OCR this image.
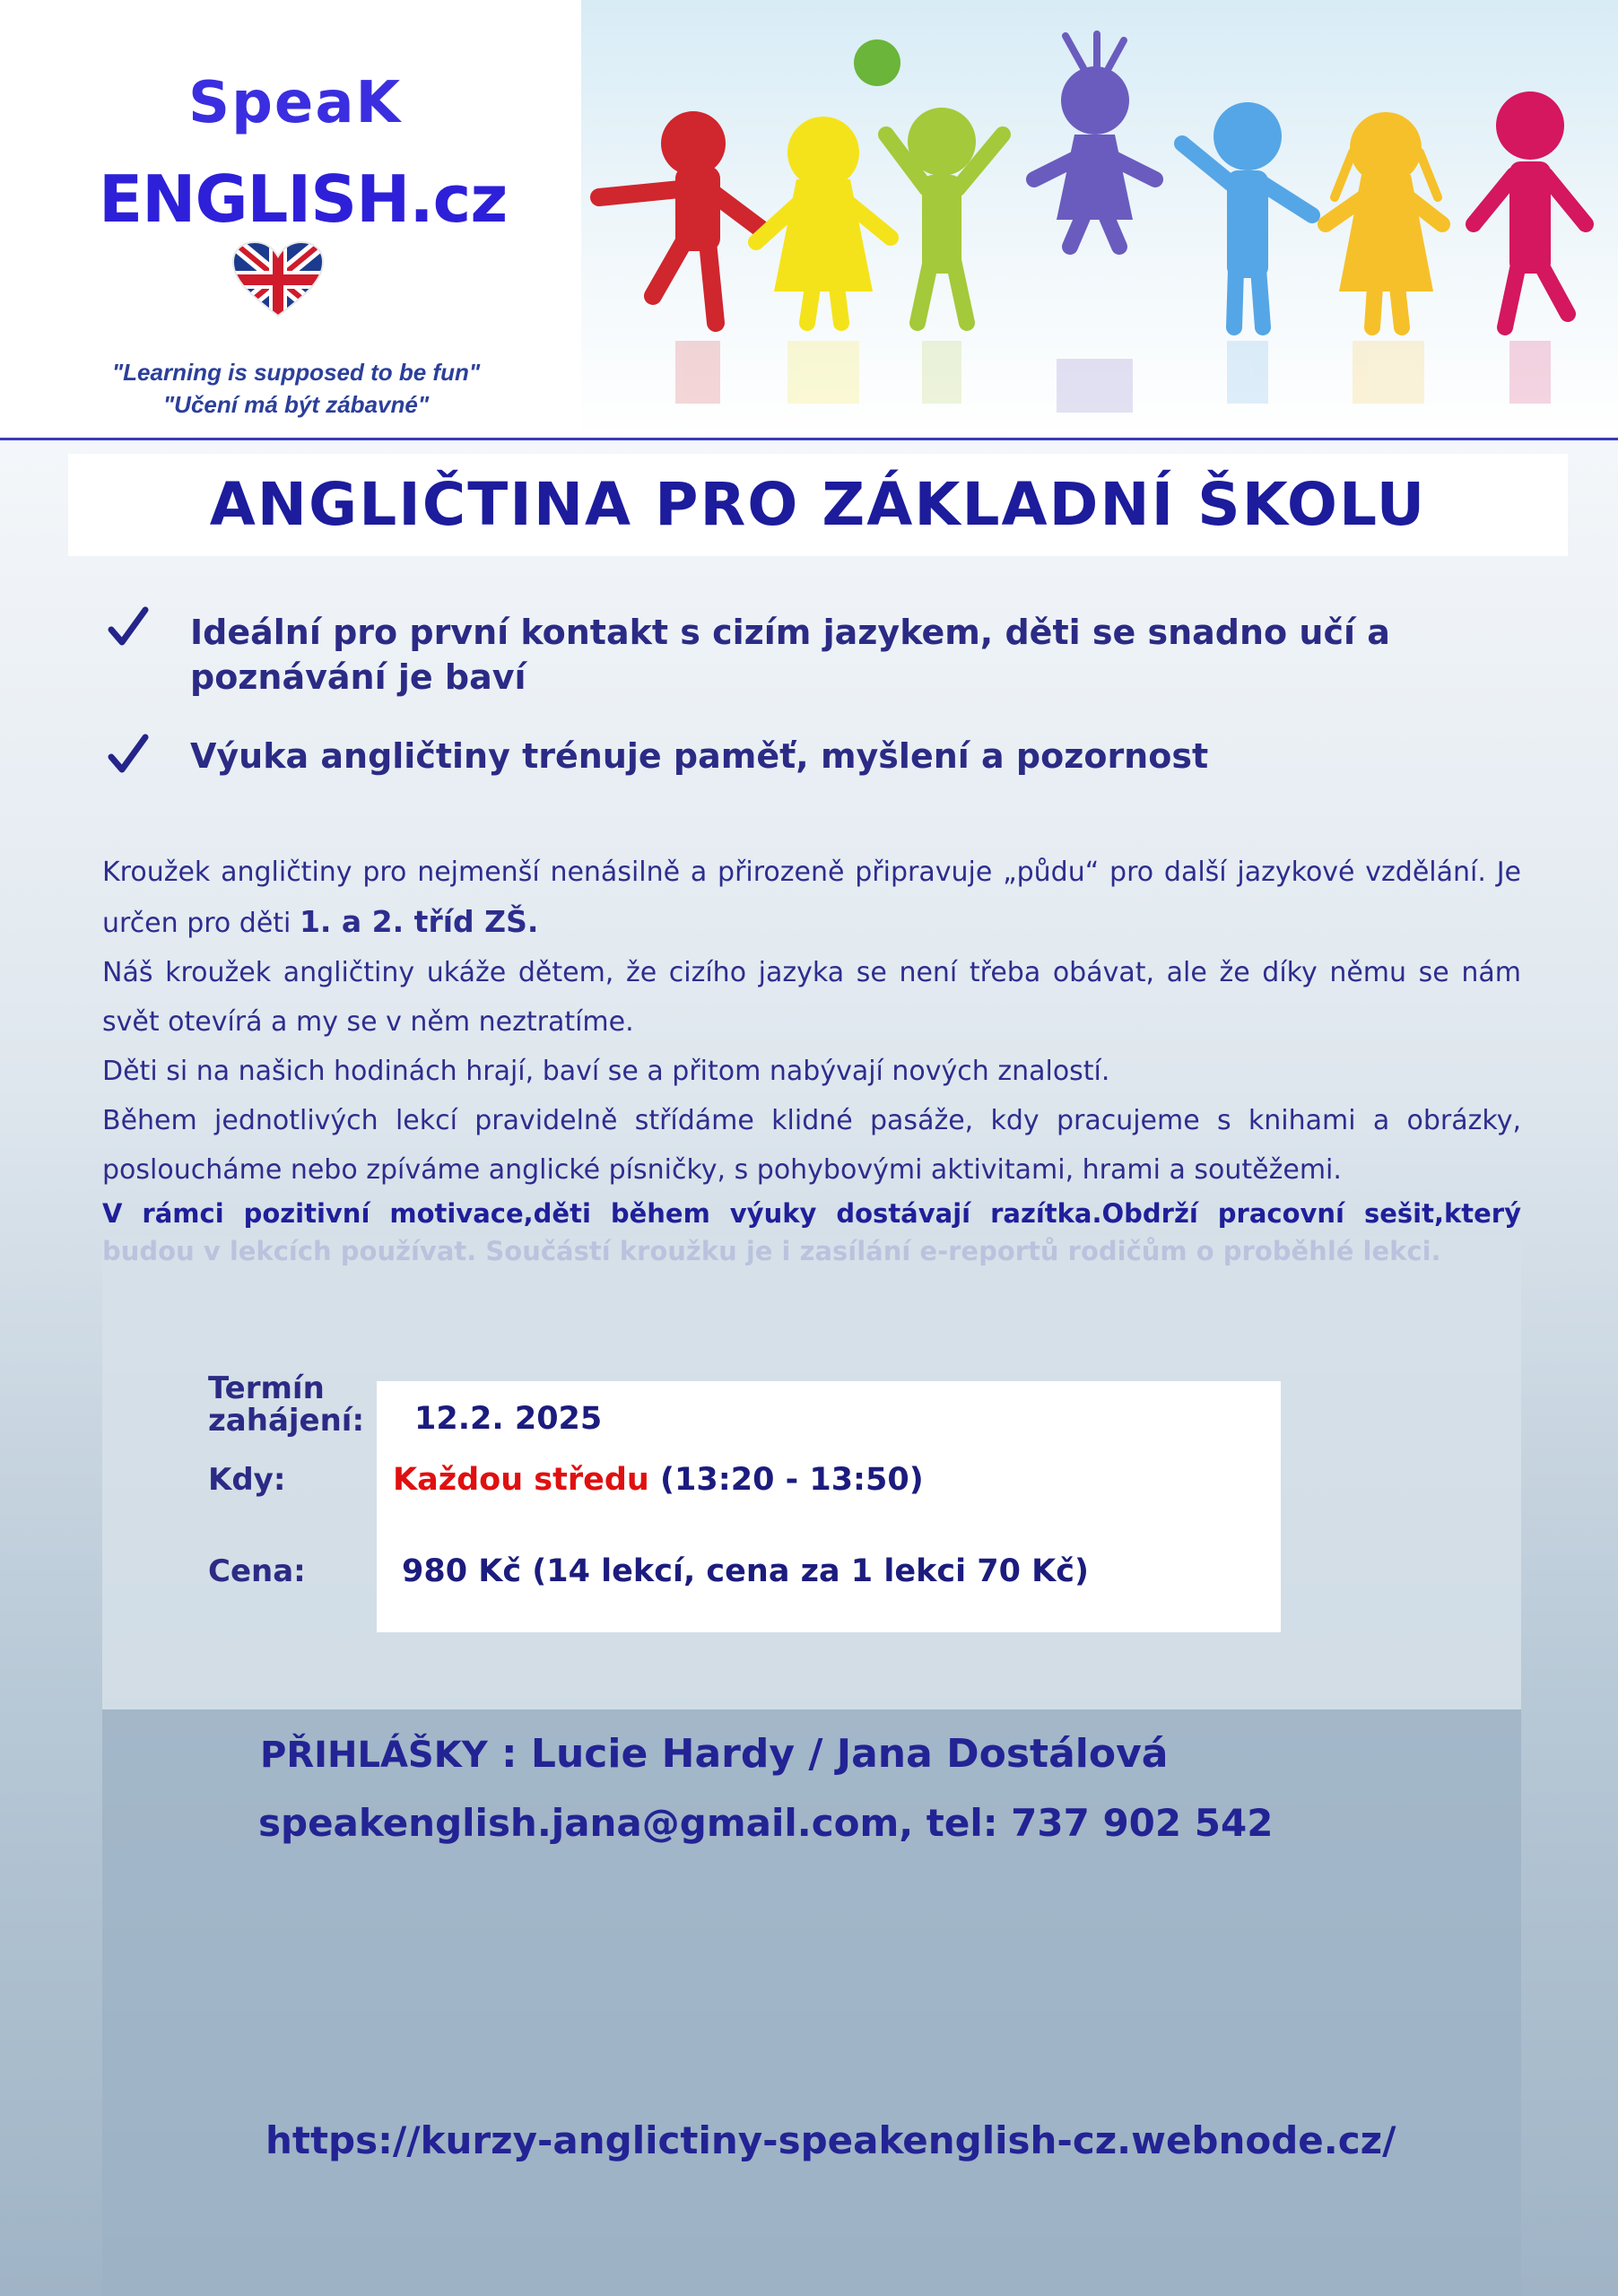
SpeaK
ENGLISH.cz
"Learning is supposed to be fun"
"Učení má být zábavné"
ANGLIČTINA PRO ZÁKLADNÍ ŠKOLU
Ideální pro první kontakt s cizím jazykem, děti se snadno učí a poznávání je baví
Výuka angličtiny trénuje paměť, myšlení a pozornost

Kroužek angličtiny pro nejmenší nenásilně a přirozeně připravuje „půdu“ pro další jazykové vzdělání. Je určen pro děti 1. a 2. tříd ZŠ.

Náš kroužek angličtiny ukáže dětem, že cizího jazyka se není třeba obávat, ale že díky němu se nám svět otevírá a my se v něm neztratíme.

Děti si na našich hodinách hrají, baví se a přitom nabývají nových znalostí.

Během jednotlivých lekcí pravidelně střídáme klidné pasáže, kdy pracujeme s knihami a obrázky, posloucháme nebo zpíváme anglické písničky, s pohybovými aktivitami, hrami a soutěžemi.

V rámci pozitivní motivace,děti během výuky dostávají razítka.Obdrží pracovní sešit,který

Termín
zahájení: 12.2. 2025
Kdy:	Každou středu (13:20 - 13:50)
Cena:	980 Kč (14 lekcí, cena za 1 lekci 70 Kč)
PŘIHLÁŠKY : Lucie Hardy / Jana Dostálová
speakenglish.jana@gmail.com, tel: 737 902 542
https://kurzy-anglictiny-speakenglish-cz.webnode.cz/
